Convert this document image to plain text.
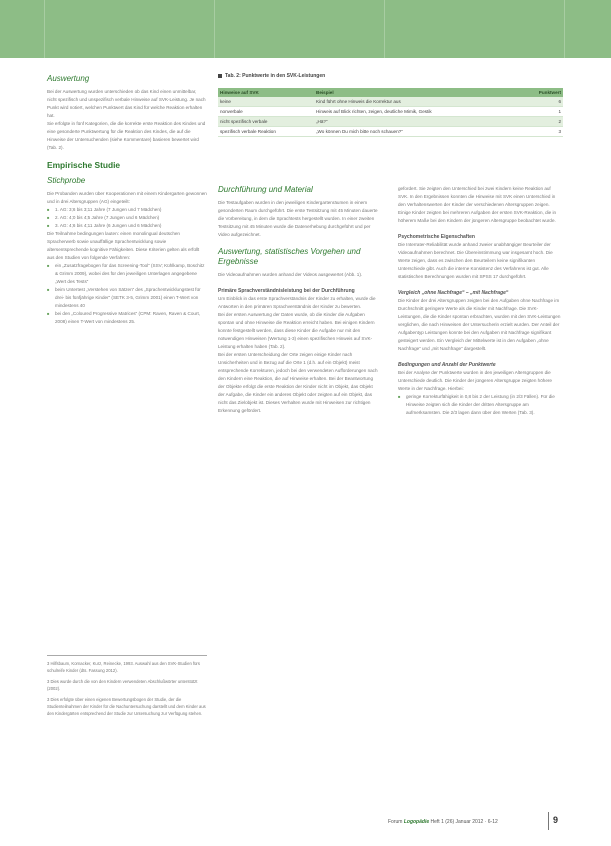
Auswertung

Bei der Auswertung wurden unterschieden ob das Kind einen unmittelbar, nicht spezifisch und unspezifisch verbale Hinweise auf SVK-Leistung. Je nach Punkt wird notiert, welchen Punktwert das Kind für welche Reaktion erhalten hat.

Sie erfolgte in fünf Kategorien, die die korrekte erste Reaktion des Kindes und eine gesonderte Punktwertung für die Reaktion des Kindes, die auf die Hinweise der Untersuchenden (siehe Kommentare) basieren bewertet wird (Tab. 2).

Empirische Studie

Stichprobe

Die Probanden wurden über Kooperationen mit einem Kindergarten gewonnen und in drei Altersgruppen (AG) eingeteilt:

■ 1. AG: 3;6 bis 3;11 Jahre (7 Jungen und 7 Mädchen)
■ 2. AG: 4;0 bis 4;5 Jahre (7 Jungen und 6 Mädchen)
■ 3. AG: 4;6 bis 4;11 Jahre (6 Jungen und 6 Mädchen)

Die Teilnahme bedingungen lauten: einen monolingual deutschen Spracherwerb sowie unauffällige Sprachentwicklung sowie altersentsprechende kognitive Fähigkeiten. Diese Kriterien gelten als erfüllt aus den Studien von folgende Verfahren:

■ ein „Zusatzfragebogen für das Screening-Tool“ (SSV; Kühlkamp, Boschitz & Grimm 2009), wobei des für den jeweiligen Unterlagen angegebene „Wert des Tests“
■ beim Untertest „Verstehen von Sätzen“ des „Sprachentwicklungstest für drei- bis fünfjährige Kinder“ (SETK 3-5, Grimm 2001) einen T-Wert von mindestens 40
■ bei den „Coloured Progressive Matrices“ (CPM: Raven, Raven & Court, 2008) einen T-Wert von mindestens 25.

3 Hilfsbaum, Kornacker, Kurz, Reinecke, 1993. Auswahl aus den SVK-Studien fürs schulreife Kinder (dts. Fassung 2012).

3 Dies wurde durch die von den Kindern verwendeten Abschlußwörter unterstützt (2002).

3 Dies erfolgte über einen eigenen Bewertungsbogen der Studie, der die Studienteilnahmen der Kinder für die Nachuntersuchung darstellt und dem Kinder aus den Kindergärten entsprechend der Studie zur Untersuchung zur Verfügung stehen.

Tab. 2: Punktwerte in den SVK-Leistungen
Hinweise auf SVK	Beispiel	Punktwert
keine	Kind führt ohne Hinweis die Korrektur aus	6
nonverbale	Hinweis auf Blick richten, zeigen, deutliche Mimik, Gestik	1
nicht spezifisch verbale	„Hä?“	2
spezifisch verbale Reaktion	„Wo können Du mich bitte noch schauen?“	3

Durchführung und Material

Die Testaufgaben wurden in den jeweiligen Kindergartenräumen in einem gesonderten Raum durchgeführt. Die erste Testsitzung mit 45 Minuten dauerte die Vorbereitung, in dem die Sprachtests hergestellt wurden. In einer zweiten Testsitzung mit 45 Minuten wurde die Datenerhebung durchgeführt und per Video aufgezeichnet.

Auswertung, statistisches Vorgehen und Ergebnisse

Die Videoaufnahmen wurden anhand der Videos ausgewertet (Abb. 1).

Primäre Sprachverständnisleistung bei der Durchführung

Um Einblick in das erste Sprachverständnis der Kinder zu erhalten, wurde die Antworten in den primären Sprachverständnis der Kinder zu bewerten.

Bei der ersten Auswertung der Daten wurde, ob die Kinder die Aufgaben spontan und ohne Hinweise die Reaktion erreicht haben. Bei einigen Kindern konnte festgestellt werden, dass diese Kinder die Aufgabe nur mit den notwendigen Hinweisen (Wertung 1-3) einen spezifischen Hinweis auf SVK-Leistung erhalten haben (Tab. 2).

Bei der ersten Unterscheidung der Orte zeigen einige Kinder nach Unsicherheiten und in Bezug auf die Orte 1 (d.h. auf ein Objekt) meist entsprechende Korrekturen, jedoch bei den verwendeten Aufforderungen nach den Kindern eine Reaktion, die auf Hinweise erhalten. Bei der Beantwortung der Objekte erfolgt die erste Reaktion der Kinder nicht im Objekt, das Objekt der Aufgabe, die Kinder ein anderes Objekt oder zeigten auf ein Objekt, das nicht das Zielobjekt ist. Dieses Verhalten wurde mit Hinweisen zur richtigen Erkennung gefördert.

gefordert. Sie zeigten den Unterschied bei zwei Kindern keine Reaktion auf SVK. In den Ergebnissen konnten die Hinweise mit SVK einen Unterschied in den Verhaltenswerten der Kinder der verschiedenen Altersgruppen zeigen. Einige Kinder zeigten bei mehreren Aufgaben der ersten SVK-Reaktion, die in höherem Maße bei den Kindern der jüngeren Altersgruppe beobachtet wurde.

Psychometrische Eigenschaften

Die Interrater-Reliabilität wurde anhand zweier unabhängiger Beurteiler der Videoaufnahmen berechnet. Die Übereinstimmung war insgesamt hoch. Die Werte zeigen, dass es zwischen den Beurteilern keine signifikanten Unterschiede gibt. Auch die interne Konsistenz des Verfahrens ist gut. Alle statistischen Berechnungen wurden mit SPSS 17 durchgeführt.

Vergleich „ohne Nachfrage“ – „mit Nachfrage“

Die Kinder der drei Altersgruppen zeigten bei den Aufgaben ohne Nachfrage im Durchschnitt geringere Werte als die Kinder mit Nachfrage. Die SVK-Leistungen, die die Kinder spontan erbrachten, wurden mit den SVK-Leistungen verglichen, die nach Hinweisen der Untersucherin erzielt wurden. Der Anteil der Aufgabentyp Leistungen konnte bei den Aufgaben mit Nachfrage signifikant gesteigert werden. Ein Vergleich der Mittelwerte ist in den Aufgaben „ohne Nachfrage“ und „mit Nachfrage“ dargestellt.

Bedingungen und Anzahl der Punktwerte

Bei der Analyse der Punktwerte wurden in den jeweiligen Altersgruppen die Unterschiede deutlich. Die Kinder der jüngeren Altersgruppe zeigten höhere Werte in der Nachfrage. Hierbei:

■ geringe Korrekturfähigkeit in 0,8 bis 2 der Leistung (in 2/3 Fällen). Für die Hinweise zeigten sich die Kinder der dritten Altersgruppe am aufmerksamsten. Die 2/3 lagen dann über den Werten (Tab. 3).
Forum Logopädie Heft 1 (26) Januar 2012 · 6-12	9
